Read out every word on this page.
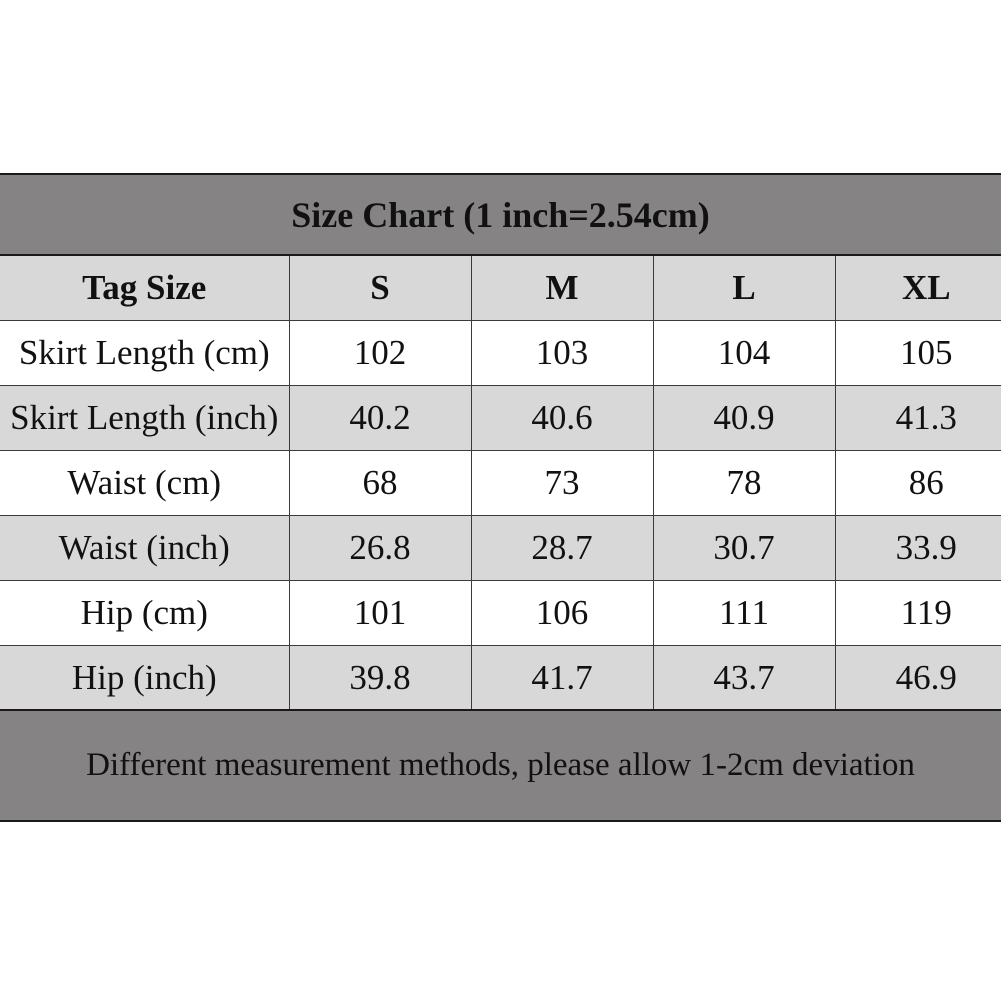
Size Chart (1 inch=2.54cm)
Tag Size	S	M	L	XL
Skirt Length (cm)	102	103	104	105
Skirt Length (inch)	40.2	40.6	40.9	41.3
Waist (cm)	68	73	78	86
Waist (inch)	26.8	28.7	30.7	33.9
Hip (cm)	101	106	111	119
Hip (inch)	39.8	41.7	43.7	46.9
Different measurement methods, please allow 1-2cm deviation
